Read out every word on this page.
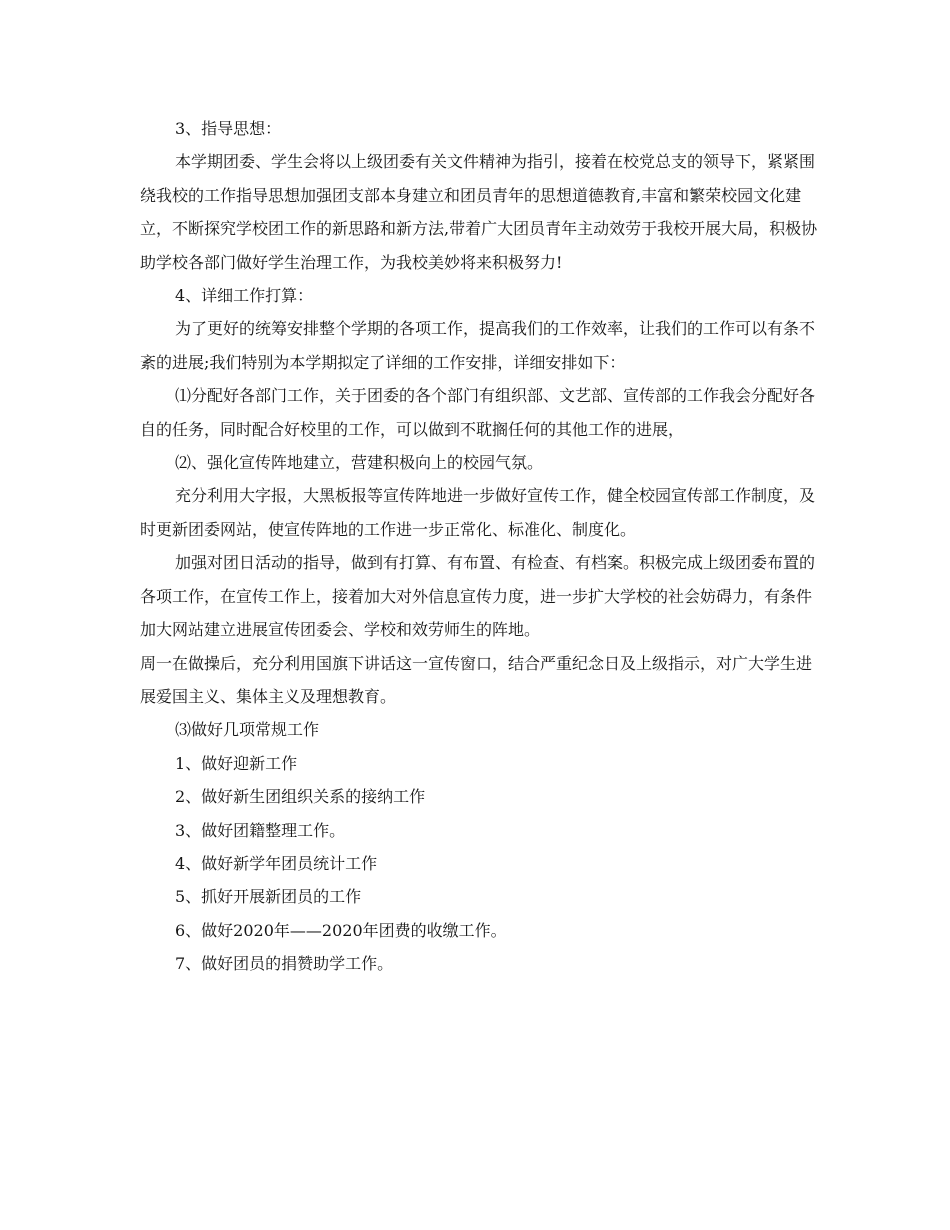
3、指导思想：

本学期团委、学生会将以上级团委有关文件精神为指引，接着在校党总支的领导下，紧紧围绕我校的工作指导思想加强团支部本身建立和团员青年的思想道德教育,丰富和繁荣校园文化建立，不断探究学校团工作的新思路和新方法,带着广大团员青年主动效劳于我校开展大局，积极协助学校各部门做好学生治理工作，为我校美妙将来积极努力!

4、详细工作打算：

为了更好的统筹安排整个学期的各项工作，提高我们的工作效率，让我们的工作可以有条不紊的进展;我们特别为本学期拟定了详细的工作安排，详细安排如下：

⑴分配好各部门工作，关于团委的各个部门有组织部、文艺部、宣传部的工作我会分配好各自的任务，同时配合好校里的工作，可以做到不耽搁任何的其他工作的进展，

⑵、强化宣传阵地建立，营建积极向上的校园气氛。

充分利用大字报，大黑板报等宣传阵地进一步做好宣传工作，健全校园宣传部工作制度，及时更新团委网站，使宣传阵地的工作进一步正常化、标准化、制度化。

加强对团日活动的指导，做到有打算、有布置、有检查、有档案。积极完成上级团委布置的各项工作，在宣传工作上，接着加大对外信息宣传力度，进一步扩大学校的社会妨碍力，有条件加大网站建立进展宣传团委会、学校和效劳师生的阵地。

周一在做操后，充分利用国旗下讲话这一宣传窗口，结合严重纪念日及上级指示，对广大学生进展爱国主义、集体主义及理想教育。

⑶做好几项常规工作

1、做好迎新工作

2、做好新生团组织关系的接纳工作

3、做好团籍整理工作。

4、做好新学年团员统计工作

5、抓好开展新团员的工作

6、做好2020年——2020年团费的收缴工作。

7、做好团员的捐赞助学工作。
